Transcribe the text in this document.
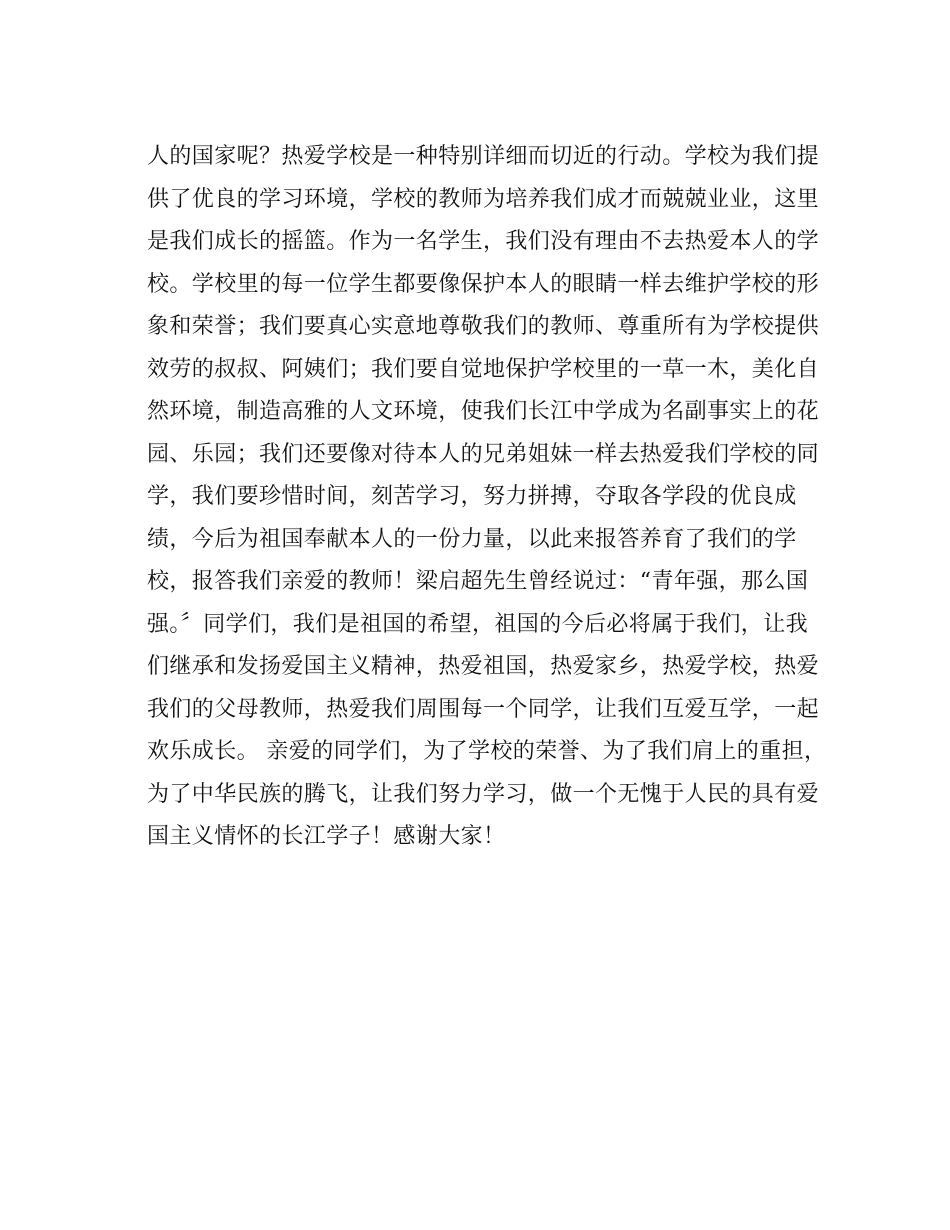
人的国家呢？热爱学校是一种特别详细而切近的行动。学校为我们提
供了优良的学习环境，学校的教师为培养我们成才而兢兢业业，这里
是我们成长的摇篮。作为一名学生，我们没有理由不去热爱本人的学
校。学校里的每一位学生都要像保护本人的眼睛一样去维护学校的形
象和荣誉；我们要真心实意地尊敬我们的教师、尊重所有为学校提供
效劳的叔叔、阿姨们；我们要自觉地保护学校里的一草一木，美化自
然环境，制造高雅的人文环境，使我们长江中学成为名副事实上的花
园、乐园；我们还要像对待本人的兄弟姐妹一样去热爱我们学校的同
学，我们要珍惜时间，刻苦学习，努力拼搏，夺取各学段的优良成
绩，今后为祖国奉献本人的一份力量，以此来报答养育了我们的学
校，报答我们亲爱的教师！梁启超先生曾经说过：“青年强，那么国
强。〞同学们，我们是祖国的希望，祖国的今后必将属于我们，让我
们继承和发扬爱国主义精神，热爱祖国，热爱家乡，热爱学校，热爱
我们的父母教师，热爱我们周围每一个同学，让我们互爱互学，一起
欢乐成长。 亲爱的同学们，为了学校的荣誉、为了我们肩上的重担，
为了中华民族的腾飞，让我们努力学习，做一个无愧于人民的具有爱
国主义情怀的长江学子！感谢大家！
